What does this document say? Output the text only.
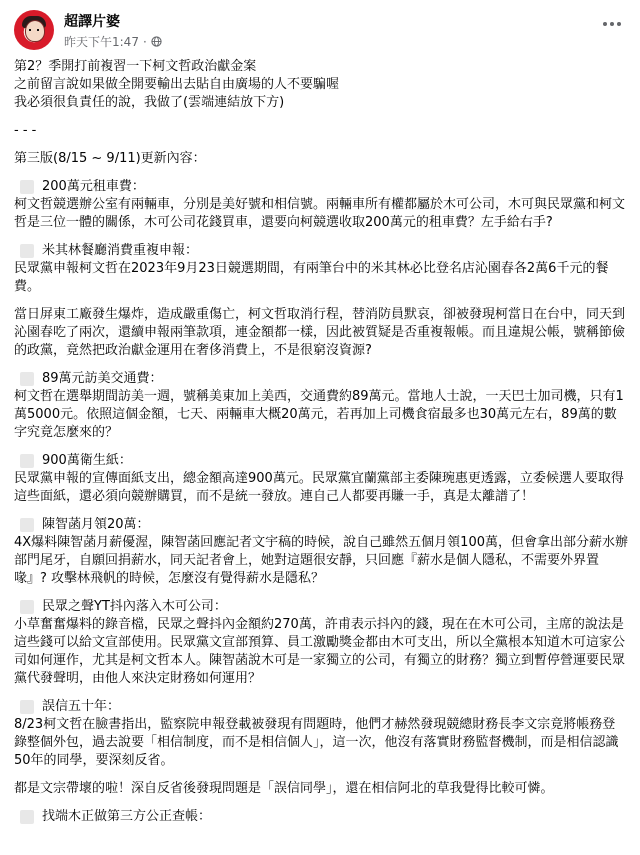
超譯片婆
昨天下午1:47 ·
第2？季開打前複習一下柯文哲政治獻金案
之前留言說如果做全開要輸出去貼自由廣場的人不要騙喔
我必須很負責任的說，我做了(雲端連結放下方)
- - -
第三版(8/15 ~ 9/11)更新內容：
200萬元租車費：

柯文哲競選辦公室有兩輛車，分別是美好號和相信號。兩輛車所有權都屬於木可公司，木可與民眾黨和柯文哲是三位一體的關係，木可公司花錢買車，還要向柯競選收取200萬元的租車費？左手給右手?

米其林餐廳消費重複申報：

民眾黨申報柯文哲在2023年9月23日競選期間，有兩筆台中的米其林必比登名店沁園春各2萬6千元的餐費。

當日屏東工廠發生爆炸，造成嚴重傷亡，柯文哲取消行程，替消防員默哀，卻被發現柯當日在台中，同天到沁園春吃了兩次，還續申報兩筆款項，連金額都一樣，因此被質疑是否重複報帳。而且違規公帳，號稱節儉的政黨，竟然把政治獻金運用在奢侈消費上，不是很窮沒資源?

89萬元訪美交通費：

柯文哲在選舉期間訪美一週，號稱美東加上美西，交通費約89萬元。當地人士說，一天巴士加司機，只有1萬5000元。依照這個金額，七天、兩輛車大概20萬元，若再加上司機食宿最多也30萬元左右，89萬的數字究竟怎麼來的？

900萬衛生紙：

民眾黨申報的宣傳面紙支出，總金額高達900萬元。民眾黨宜蘭黨部主委陳琬惠更透露，立委候選人要取得這些面紙，還必須向競辦購買，而不是統一發放。連自己人都要再賺一手，真是太離譜了！

陳智菡月領20萬：

4X爆料陳智菡月薪優渥，陳智菡回應記者文宇稿的時候，說自己雖然五個月領100萬，但會拿出部分薪水辦部門尾牙，自願回捐薪水，同天記者會上，她對這題很安靜，只回應『薪水是個人隱私，不需要外界置喙』? 攻擊林飛帆的時候，怎麼沒有覺得薪水是隱私？

民眾之聲YT抖內落入木可公司：

小草奮奮爆料的錄音檔，民眾之聲抖內金額約270萬，許甫表示抖內的錢，現在在木可公司，主席的說法是這些錢可以給文宣部使用。民眾黨文宣部預算、員工激勵獎金都由木可支出，所以全黨根本知道木可這家公司如何運作，尤其是柯文哲本人。陳智菡說木可是一家獨立的公司，有獨立的財務？獨立到暫停營運要民眾黨代發聲明，由他人來決定財務如何運用？

誤信五十年：

8/23柯文哲在臉書指出，監察院申報登載被發現有問題時，他們才赫然發現競總財務長李文宗竟將帳務登錄整個外包，過去說要「相信制度，而不是相信個人」，這一次，他沒有落實財務監督機制，而是相信認識50年的同學，要深刻反省。

都是文宗帶壞的啦！深自反省後發現問題是「誤信同學」，還在相信阿北的草我覺得比較可憐。

找端木正做第三方公正查帳：
